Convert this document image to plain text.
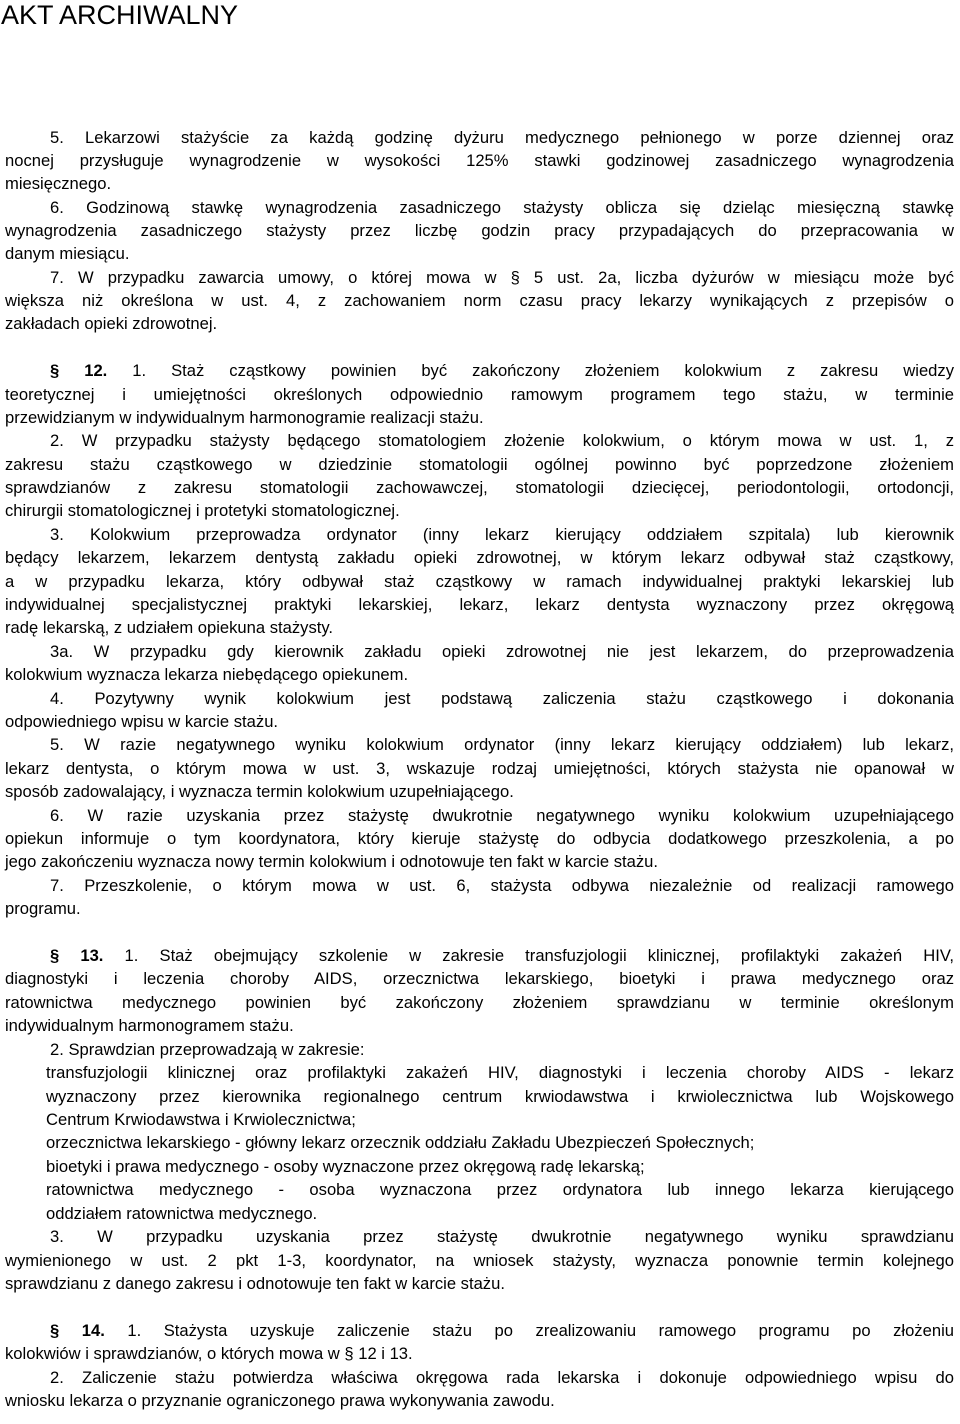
AKT ARCHIWALNY
5. Lekarzowi stażyście za każdą godzinę dyżuru medycznego pełnionego w porze dziennej oraz
nocnej przysługuje wynagrodzenie w wysokości 125% stawki godzinowej zasadniczego wynagrodzenia
miesięcznego.
6. Godzinową stawkę wynagrodzenia zasadniczego stażysty oblicza się dzieląc miesięczną stawkę
wynagrodzenia zasadniczego stażysty przez liczbę godzin pracy przypadających do przepracowania w
danym miesiącu.
7. W przypadku zawarcia umowy, o której mowa w § 5 ust. 2a, liczba dyżurów w miesiącu może być
większa niż określona w ust. 4, z zachowaniem norm czasu pracy lekarzy wynikających z przepisów o
zakładach opieki zdrowotnej.
§ 12. 1. Staż cząstkowy powinien być zakończony złożeniem kolokwium z zakresu wiedzy
teoretycznej i umiejętności określonych odpowiednio ramowym programem tego stażu, w terminie
przewidzianym w indywidualnym harmonogramie realizacji stażu.
2. W przypadku stażysty będącego stomatologiem złożenie kolokwium, o którym mowa w ust. 1, z
zakresu stażu cząstkowego w dziedzinie stomatologii ogólnej powinno być poprzedzone złożeniem
sprawdzianów z zakresu stomatologii zachowawczej, stomatologii dziecięcej, periodontologii, ortodoncji,
chirurgii stomatologicznej i protetyki stomatologicznej.
3. Kolokwium przeprowadza ordynator (inny lekarz kierujący oddziałem szpitala) lub kierownik
będący lekarzem, lekarzem dentystą zakładu opieki zdrowotnej, w którym lekarz odbywał staż cząstkowy,
a w przypadku lekarza, który odbywał staż cząstkowy w ramach indywidualnej praktyki lekarskiej lub
indywidualnej specjalistycznej praktyki lekarskiej, lekarz, lekarz dentysta wyznaczony przez okręgową
radę lekarską, z udziałem opiekuna stażysty.
3a. W przypadku gdy kierownik zakładu opieki zdrowotnej nie jest lekarzem, do przeprowadzenia
kolokwium wyznacza lekarza niebędącego opiekunem.
4. Pozytywny wynik kolokwium jest podstawą zaliczenia stażu cząstkowego i dokonania
odpowiedniego wpisu w karcie stażu.
5. W razie negatywnego wyniku kolokwium ordynator (inny lekarz kierujący oddziałem) lub lekarz,
lekarz dentysta, o którym mowa w ust. 3, wskazuje rodzaj umiejętności, których stażysta nie opanował w
sposób zadowalający, i wyznacza termin kolokwium uzupełniającego.
6. W razie uzyskania przez stażystę dwukrotnie negatywnego wyniku kolokwium uzupełniającego
opiekun informuje o tym koordynatora, który kieruje stażystę do odbycia dodatkowego przeszkolenia, a po
jego zakończeniu wyznacza nowy termin kolokwium i odnotowuje ten fakt w karcie stażu.
7. Przeszkolenie, o którym mowa w ust. 6, stażysta odbywa niezależnie od realizacji ramowego
programu.
§ 13. 1. Staż obejmujący szkolenie w zakresie transfuzjologii klinicznej, profilaktyki zakażeń HIV,
diagnostyki i leczenia choroby AIDS, orzecznictwa lekarskiego, bioetyki i prawa medycznego oraz
ratownictwa medycznego powinien być zakończony złożeniem sprawdzianu w terminie określonym
indywidualnym harmonogramem stażu.
2. Sprawdzian przeprowadzają w zakresie:
transfuzjologii klinicznej oraz profilaktyki zakażeń HIV, diagnostyki i leczenia choroby AIDS - lekarz
wyznaczony przez kierownika regionalnego centrum krwiodawstwa i krwiolecznictwa lub Wojskowego
Centrum Krwiodawstwa i Krwiolecznictwa;
orzecznictwa lekarskiego - główny lekarz orzecznik oddziału Zakładu Ubezpieczeń Społecznych;
bioetyki i prawa medycznego - osoby wyznaczone przez okręgową radę lekarską;
ratownictwa medycznego - osoba wyznaczona przez ordynatora lub innego lekarza kierującego
oddziałem ratownictwa medycznego.
3. W przypadku uzyskania przez stażystę dwukrotnie negatywnego wyniku sprawdzianu
wymienionego w ust. 2 pkt 1-3, koordynator, na wniosek stażysty, wyznacza ponownie termin kolejnego
sprawdzianu z danego zakresu i odnotowuje ten fakt w karcie stażu.
§ 14. 1. Stażysta uzyskuje zaliczenie stażu po zrealizowaniu ramowego programu po złożeniu
kolokwiów i sprawdzianów, o których mowa w § 12 i 13.
2. Zaliczenie stażu potwierdza właściwa okręgowa rada lekarska i dokonuje odpowiedniego wpisu do
wniosku lekarza o przyznanie ograniczonego prawa wykonywania zawodu.
